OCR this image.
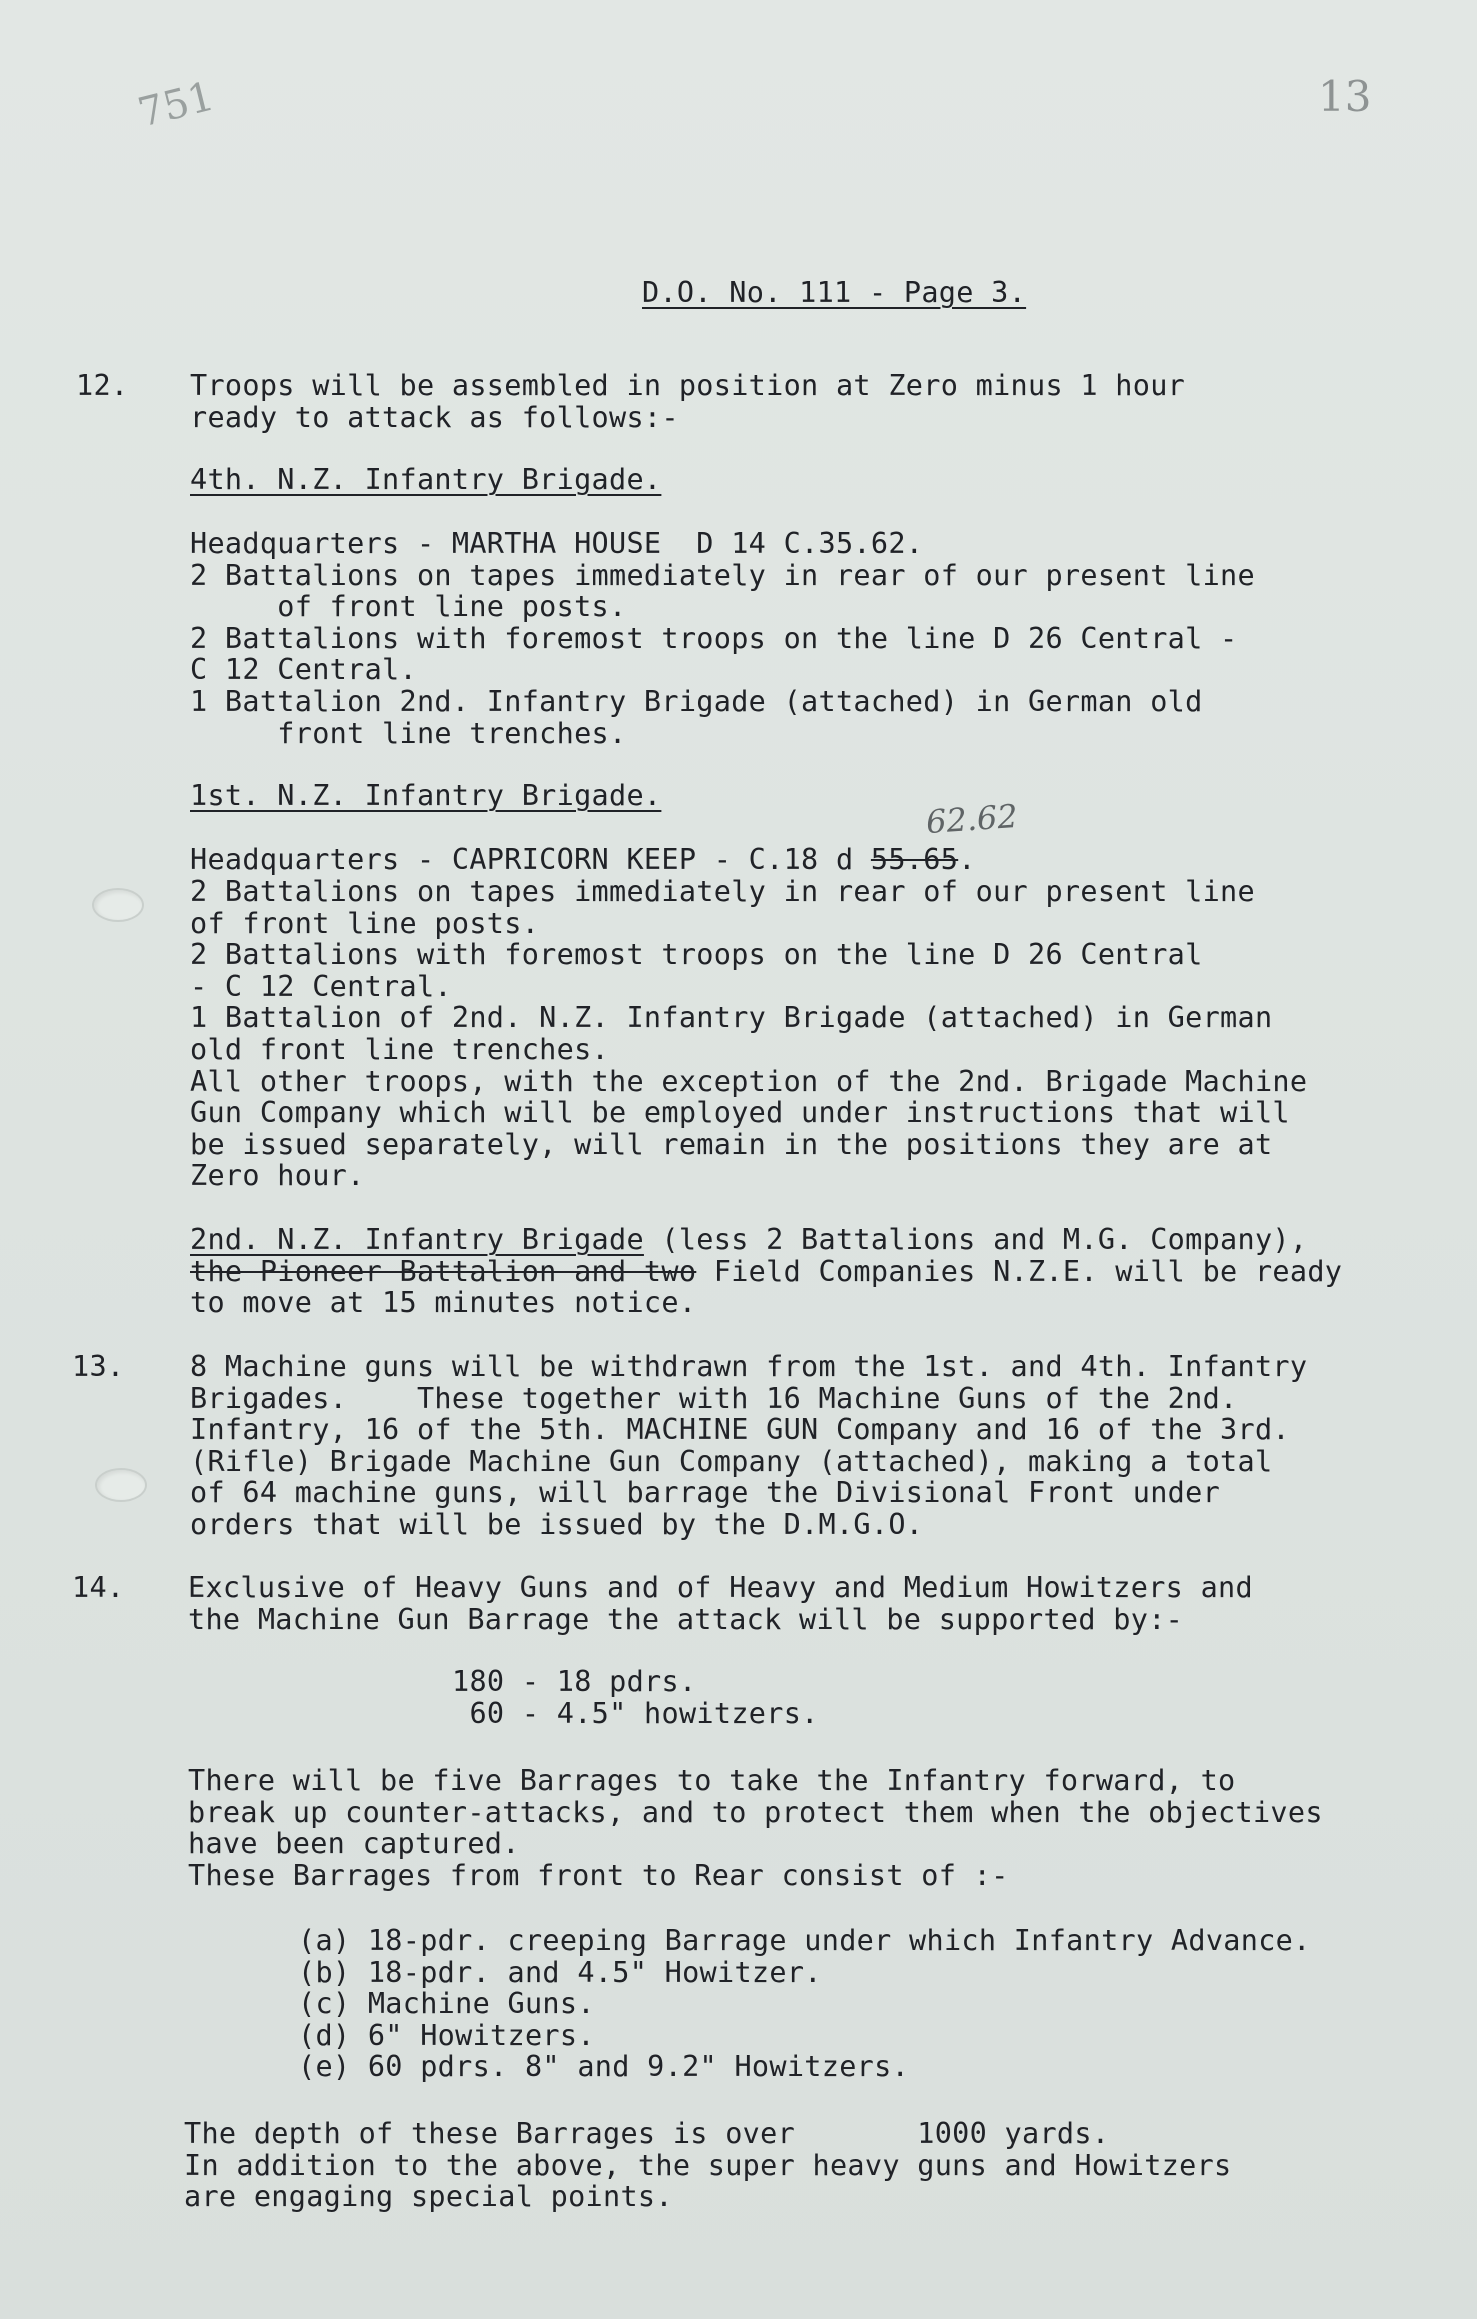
751	13
62.62
D.O. No. 111 - Page 3.
12. Troops will be assembled in position at Zero minus 1 hour
ready to attack as follows:-
4th. N.Z. Infantry Brigade.
Headquarters - MARTHA HOUSE  D 14 C.35.62.
2 Battalions on tapes immediately in rear of our present line
of front line posts.
2 Battalions with foremost troops on the line D 26 Central -
C 12 Central.
1 Battalion 2nd. Infantry Brigade (attached) in German old
front line trenches.
1st. N.Z. Infantry Brigade.
Headquarters - CAPRICORN KEEP - C.18 d 55.65.
2 Battalions on tapes immediately in rear of our present line
of front line posts.
2 Battalions with foremost troops on the line D 26 Central
- C 12 Central.
1 Battalion of 2nd. N.Z. Infantry Brigade (attached) in German
old front line trenches.
All other troops, with the exception of the 2nd. Brigade Machine
Gun Company which will be employed under instructions that will
be issued separately, will remain in the positions they are at
Zero hour.
2nd. N.Z. Infantry Brigade (less 2 Battalions and M.G. Company),
the Pioneer Battalion and two Field Companies N.Z.E. will be ready
to move at 15 minutes notice.
13. 8 Machine guns will be withdrawn from the 1st. and 4th. Infantry
Brigades.    These together with 16 Machine Guns of the 2nd.
Infantry, 16 of the 5th. MACHINE GUN Company and 16 of the 3rd.
(Rifle) Brigade Machine Gun Company (attached), making a total
of 64 machine guns, will barrage the Divisional Front under
orders that will be issued by the D.M.G.O.
14. Exclusive of Heavy Guns and of Heavy and Medium Howitzers and
the Machine Gun Barrage the attack will be supported by:-
180 - 18 pdrs.
60 - 4.5" howitzers.
There will be five Barrages to take the Infantry forward, to
break up counter-attacks, and to protect them when the objectives
have been captured.
These Barrages from front to Rear consist of :-
(a) 18-pdr. creeping Barrage under which Infantry Advance.
(b) 18-pdr. and 4.5" Howitzer.
(c) Machine Guns.
(d) 6" Howitzers.
(e) 60 pdrs. 8" and 9.2" Howitzers.
The depth of these Barrages is over       1000 yards.
In addition to the above, the super heavy guns and Howitzers
are engaging special points.
